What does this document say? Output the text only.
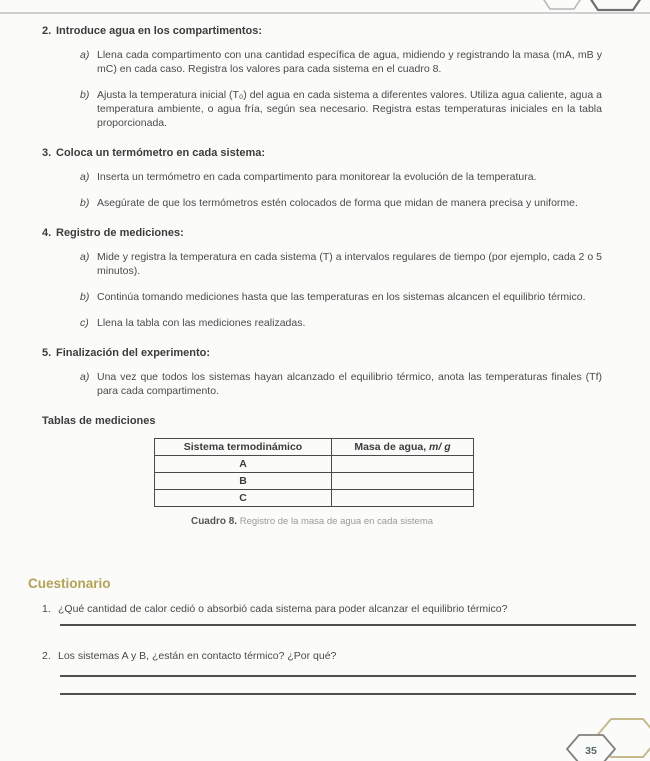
2. Introduce agua en los compartimentos:
a) Llena cada compartimento con una cantidad específica de agua, midiendo y registrando la masa (mA, mB y mC) en cada caso. Registra los valores para cada sistema en el cuadro 8.
b) Ajusta la temperatura inicial (T₀) del agua en cada sistema a diferentes valores. Utiliza agua caliente, agua a temperatura ambiente, o agua fría, según sea necesario. Registra estas temperaturas iniciales en la tabla proporcionada.
3. Coloca un termómetro en cada sistema:
a) Inserta un termómetro en cada compartimento para monitorear la evolución de la temperatura.
b) Asegúrate de que los termómetros estén colocados de forma que midan de manera precisa y uniforme.
4. Registro de mediciones:
a) Mide y registra la temperatura en cada sistema (T) a intervalos regulares de tiempo (por ejemplo, cada 2 o 5 minutos).
b) Continúa tomando mediciones hasta que las temperaturas en los sistemas alcancen el equilibrio térmico.
c) Llena la tabla con las mediciones realizadas.
5. Finalización del experimento:
a) Una vez que todos los sistemas hayan alcanzado el equilibrio térmico, anota las temperaturas finales (Tf) para cada compartimento.
Tablas de mediciones
Sistema termodinámico	Masa de agua, m/ g
A	
B	
C	
Cuadro 8. Registro de la masa de agua en cada sistema
Cuestionario
1. ¿Qué cantidad de calor cedió o absorbió cada sistema para poder alcanzar el equilibrio térmico?
2. Los sistemas A y B, ¿están en contacto térmico? ¿Por qué?
35
